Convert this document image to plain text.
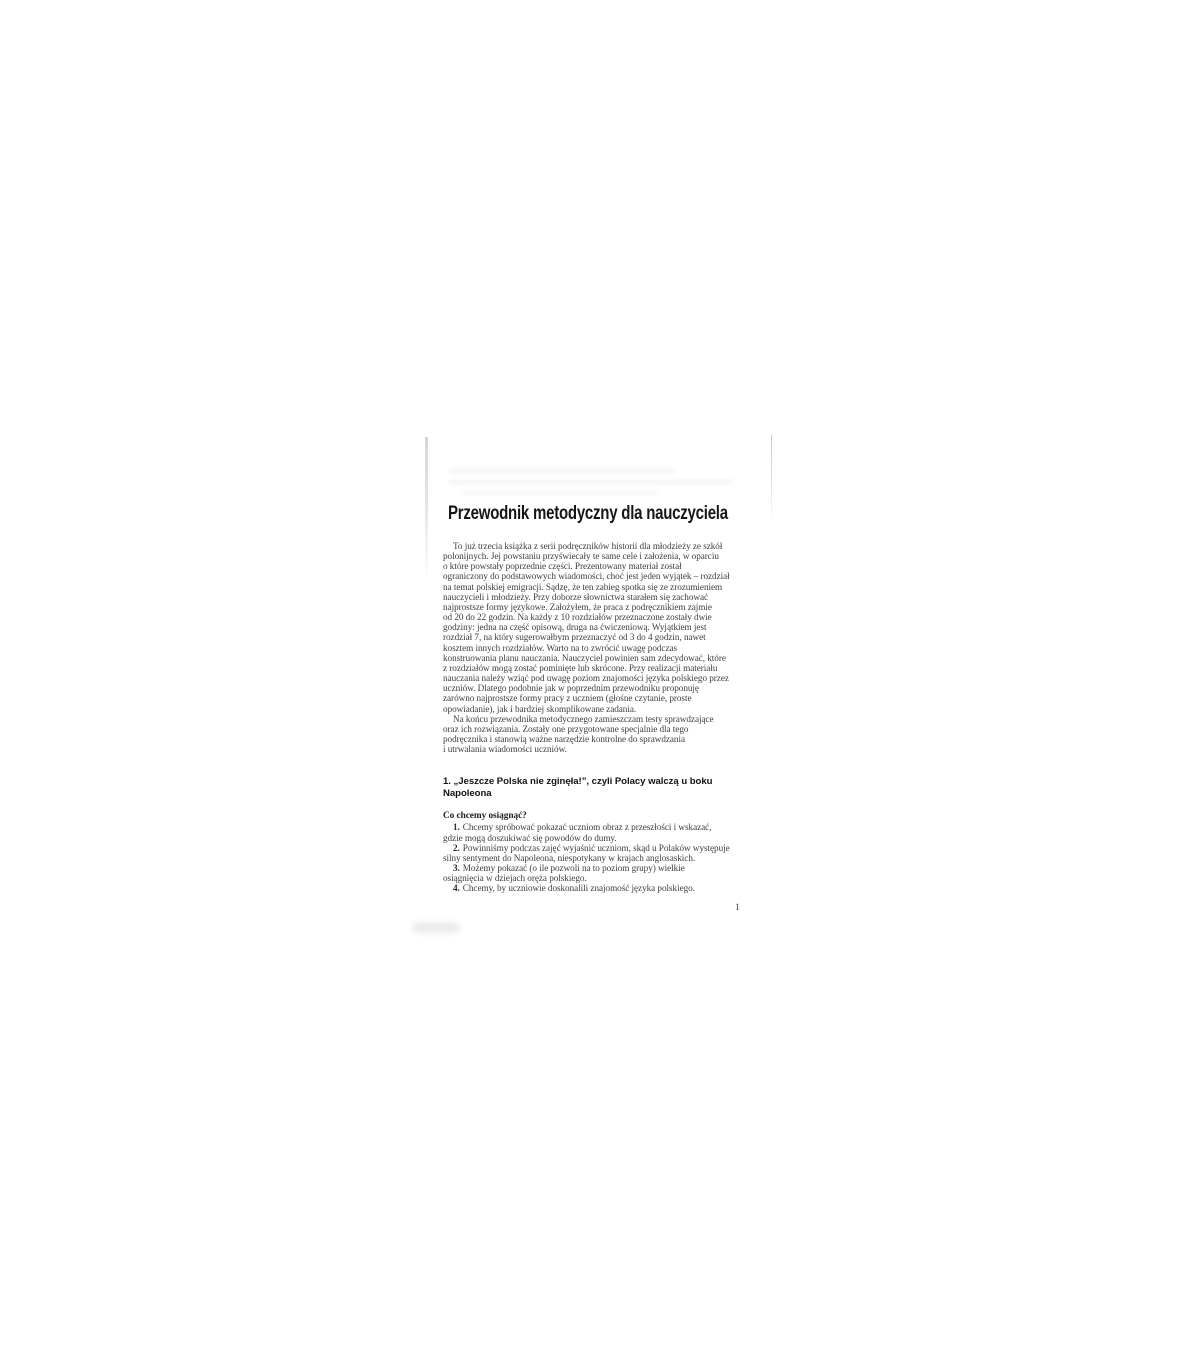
Przewodnik metodyczny dla nauczyciela

To już trzecia książka z serii podręczników historii dla młodzieży ze szkół
polonijnych. Jej powstaniu przyświecały te same cele i założenia, w oparciu
o które powstały poprzednie części. Prezentowany materiał został
ograniczony do podstawowych wiadomości, choć jest jeden wyjątek – rozdział
na temat polskiej emigracji. Sądzę, że ten zabieg spotka się ze zrozumieniem
nauczycieli i młodzieży. Przy doborze słownictwa starałem się zachować
najprostsze formy językowe. Założyłem, że praca z podręcznikiem zajmie
od 20 do 22 godzin. Na każdy z 10 rozdziałów przeznaczone zostały dwie
godziny: jedna na część opisową, druga na ćwiczeniową. Wyjątkiem jest
rozdział 7, na który sugerowałbym przeznaczyć od 3 do 4 godzin, nawet
kosztem innych rozdziałów. Warto na to zwrócić uwagę podczas
konstruowania planu nauczania. Nauczyciel powinien sam zdecydować, które
z rozdziałów mogą zostać pominięte lub skrócone. Przy realizacji materiału
nauczania należy wziąć pod uwagę poziom znajomości języka polskiego przez
uczniów. Dlatego podobnie jak w poprzednim przewodniku proponuję
zarówno najprostsze formy pracy z uczniem (głośne czytanie, proste
opowiadanie), jak i bardziej skomplikowane zadania.

Na końcu przewodnika metodycznego zamieszczam testy sprawdzające
oraz ich rozwiązania. Zostały one przygotowane specjalnie dla tego
podręcznika i stanowią ważne narzędzie kontrolne do sprawdzania
i utrwalania wiadomości uczniów.

1. „Jeszcze Polska nie zginęła!”, czyli Polacy walczą u boku
Napoleona
Co chcemy osiągnąć?

1. Chcemy spróbować pokazać uczniom obraz z przeszłości i wskazać,
gdzie mogą doszukiwać się powodów do dumy.

2. Powinniśmy podczas zajęć wyjaśnić uczniom, skąd u Polaków występuje
silny sentyment do Napoleona, niespotykany w krajach anglosaskich.

3. Możemy pokazać (o ile pozwoli na to poziom grupy) wielkie
osiągnięcia w dziejach oręża polskiego.

4. Chcemy, by uczniowie doskonalili znajomość języka polskiego.

1
